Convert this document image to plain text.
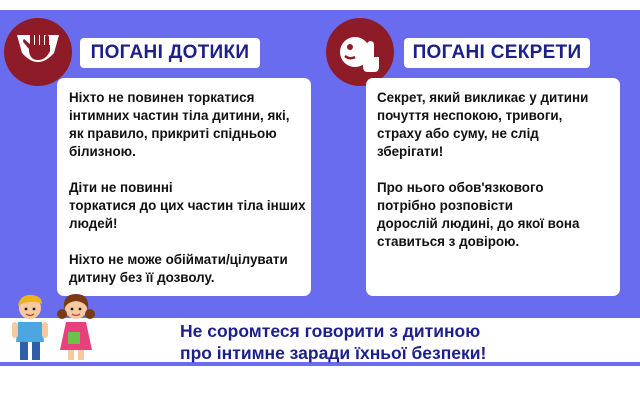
ПОГАНІ ДОТИКИ	ПОГАНІ СЕКРЕТИ

Ніхто не повинен торкатися
інтимних частин тіла дитини, які,
як правило, прикриті спідньою
білизною.

Діти не повинні
торкатися до цих частин тіла інших
людей!

Ніхто не може обіймати/цілувати
дитину без її дозволу.

Секрет, який викликає у дитини
почуття неспокою, тривоги,
страху або суму, не слід
зберігати!

Про нього обов'язкового
потрібно розповісти
дорослій людині, до якої вона
ставиться з довірою.

Не соромтеся говорити з дитиною
про інтимне заради їхньої безпеки!
